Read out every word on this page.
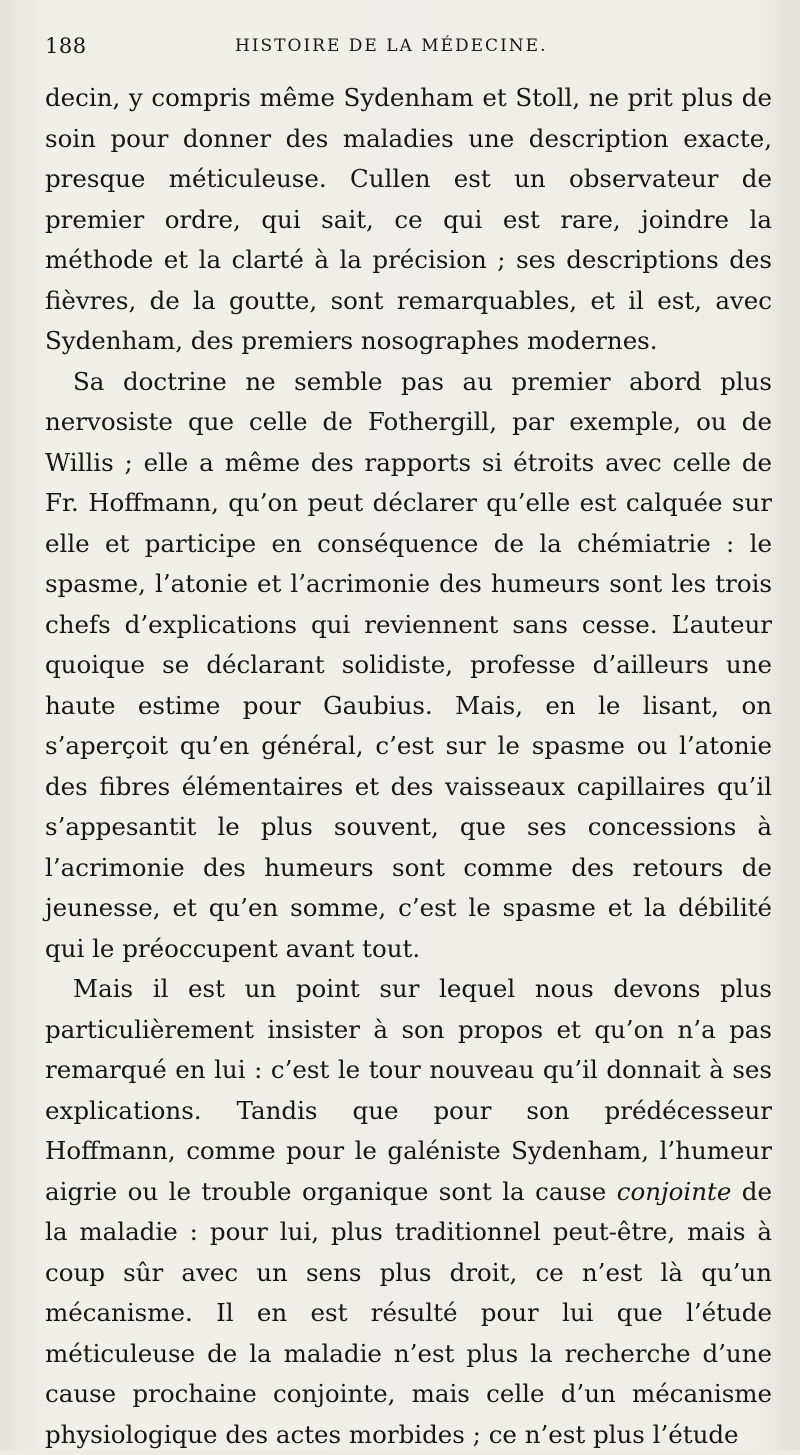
188	HISTOIRE DE LA MÉDECINE.

decin, y compris même Sydenham et Stoll, ne prit plus de soin pour donner des maladies une description exacte, presque méticuleuse. Cullen est un observateur de premier ordre, qui sait, ce qui est rare, joindre la méthode et la clarté à la précision ; ses descriptions des fièvres, de la goutte, sont remarquables, et il est, avec Sydenham, des premiers nosographes modernes.

Sa doctrine ne semble pas au premier abord plus nervosiste que celle de Fothergill, par exemple, ou de Willis ; elle a même des rapports si étroits avec celle de Fr. Hoffmann, qu’on peut déclarer qu’elle est calquée sur elle et participe en conséquence de la chémiatrie : le spasme, l’atonie et l’acrimonie des humeurs sont les trois chefs d’explications qui reviennent sans cesse. L’auteur quoique se déclarant solidiste, professe d’ailleurs une haute estime pour Gaubius. Mais, en le lisant, on s’aperçoit qu’en général, c’est sur le spasme ou l’atonie des fibres élémentaires et des vaisseaux capillaires qu’il s’appesantit le plus souvent, que ses concessions à l’acrimonie des humeurs sont comme des retours de jeunesse, et qu’en somme, c’est le spasme et la débilité qui le préoccupent avant tout.

Mais il est un point sur lequel nous devons plus particulièrement insister à son propos et qu’on n’a pas remarqué en lui : c’est le tour nouveau qu’il donnait à ses explications. Tandis que pour son prédécesseur Hoffmann, comme pour le galéniste Sydenham, l’humeur aigrie ou le trouble organique sont la cause conjointe de la maladie : pour lui, plus traditionnel peut-être, mais à coup sûr avec un sens plus droit, ce n’est là qu’un mécanisme. Il en est résulté pour lui que l’étude méticuleuse de la maladie n’est plus la recherche d’une cause prochaine conjointe, mais celle d’un mécanisme physiologique des actes morbides ; ce n’est plus l’étude
